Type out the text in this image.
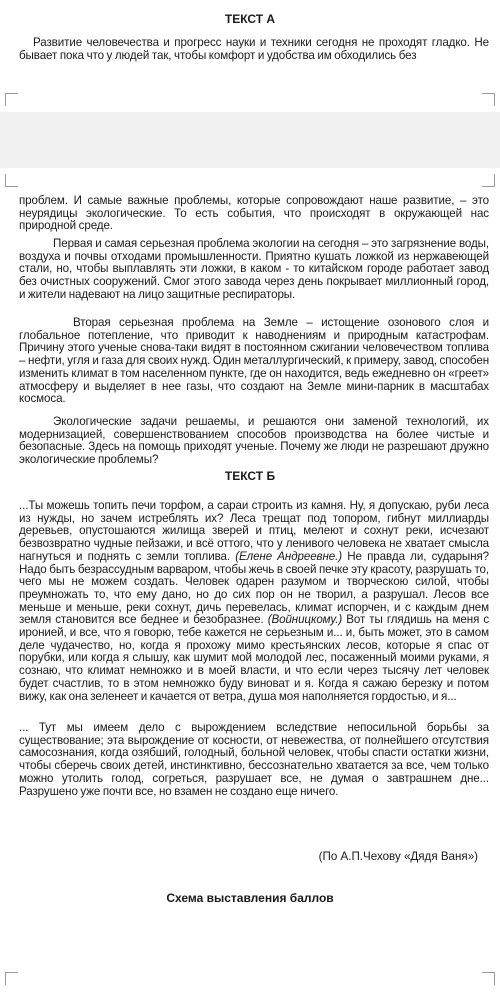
ТЕКСТ А
Развитие человечества и прогресс науки и техники сегодня не проходят гладко. Не бывает пока что у людей так, чтобы комфорт и удобства им обходились без
проблем. И самые важные проблемы, которые сопровождают наше развитие, – это неурядицы экологические. То есть события, что происходят в окружающей нас природной среде.
Первая и самая серьезная проблема экологии на сегодня – это загрязнение воды, воздуха и почвы отходами промышленности. Приятно кушать ложкой из нержавеющей стали, но, чтобы выплавлять эти ложки, в каком - то китайском городе работает завод без очистных сооружений. Смог этого завода через день покрывает миллионный город, и жители надевают на лицо защитные респираторы.
Вторая серьезная проблема на Земле – истощение озонового слоя и глобальное потепление, что приводит к наводнениям и природным катастрофам. Причину этого ученые снова-таки видят в постоянном сжигании человечеством топлива – нефти, угля и газа для своих нужд. Один металлургический, к примеру, завод, способен изменить климат в том населенном пункте, где он находится, ведь ежедневно он «греет» атмосферу и выделяет в нее газы, что создают на Земле мини-парник в масштабах космоса.
Экологические задачи решаемы, и решаются они заменой технологий, их модернизацией, совершенствованием способов производства на более чистые и безопасные. Здесь на помощь приходят ученые. Почему же люди не разрешают дружно экологические проблемы?
ТЕКСТ Б
...Ты можешь топить печи торфом, а сараи строить из камня. Ну, я допускаю, руби леса из нужды, но зачем истреблять их? Леса трещат под топором, гибнут миллиарды деревьев, опустошаются жилища зверей и птиц, мелеют и сохнут реки, исчезают безвозвратно чудные пейзажи, и всё оттого, что у ленивого человека не хватает смысла нагнуться и поднять с земли топлива. (Елене Андреевне.) Не правда ли, сударыня? Надо быть безрассудным варваром, чтобы жечь в своей печке эту красоту, разрушать то, чего мы не можем создать. Человек одарен разумом и творческою силой, чтобы преумножать то, что ему дано, но до сих пор он не творил, а разрушал. Лесов все меньше и меньше, реки сохнут, дичь перевелась, климат испорчен, и с каждым днем земля становится все беднее и безобразнее. (Войницкому.) Вот ты глядишь на меня с иронией, и все, что я говорю, тебе кажется не серьезным и... и, быть может, это в самом деле чудачество, но, когда я прохожу мимо крестьянских лесов, которые я спас от порубки, или когда я слышу, как шумит мой молодой лес, посаженный моими руками, я сознаю, что климат немножко и в моей власти, и что если через тысячу лет человек будет счастлив, то в этом немножко буду виноват и я. Когда я сажаю березку и потом вижу, как она зеленеет и качается от ветра, душа моя наполняется гордостью, и я...
... Тут мы имеем дело с вырождением вследствие непосильной борьбы за существование; эта вырождение от косности, от невежества, от полнейшего отсутствия самосознания, когда озябший, голодный, больной человек, чтобы спасти остатки жизни, чтобы сберечь своих детей, инстинктивно, бессознательно хватается за все, чем только можно утолить голод, согреться, разрушает все, не думая о завтрашнем дне... Разрушено уже почти все, но взамен не создано еще ничего.
(По А.П.Чехову «Дядя Ваня»)
Схема выставления баллов
